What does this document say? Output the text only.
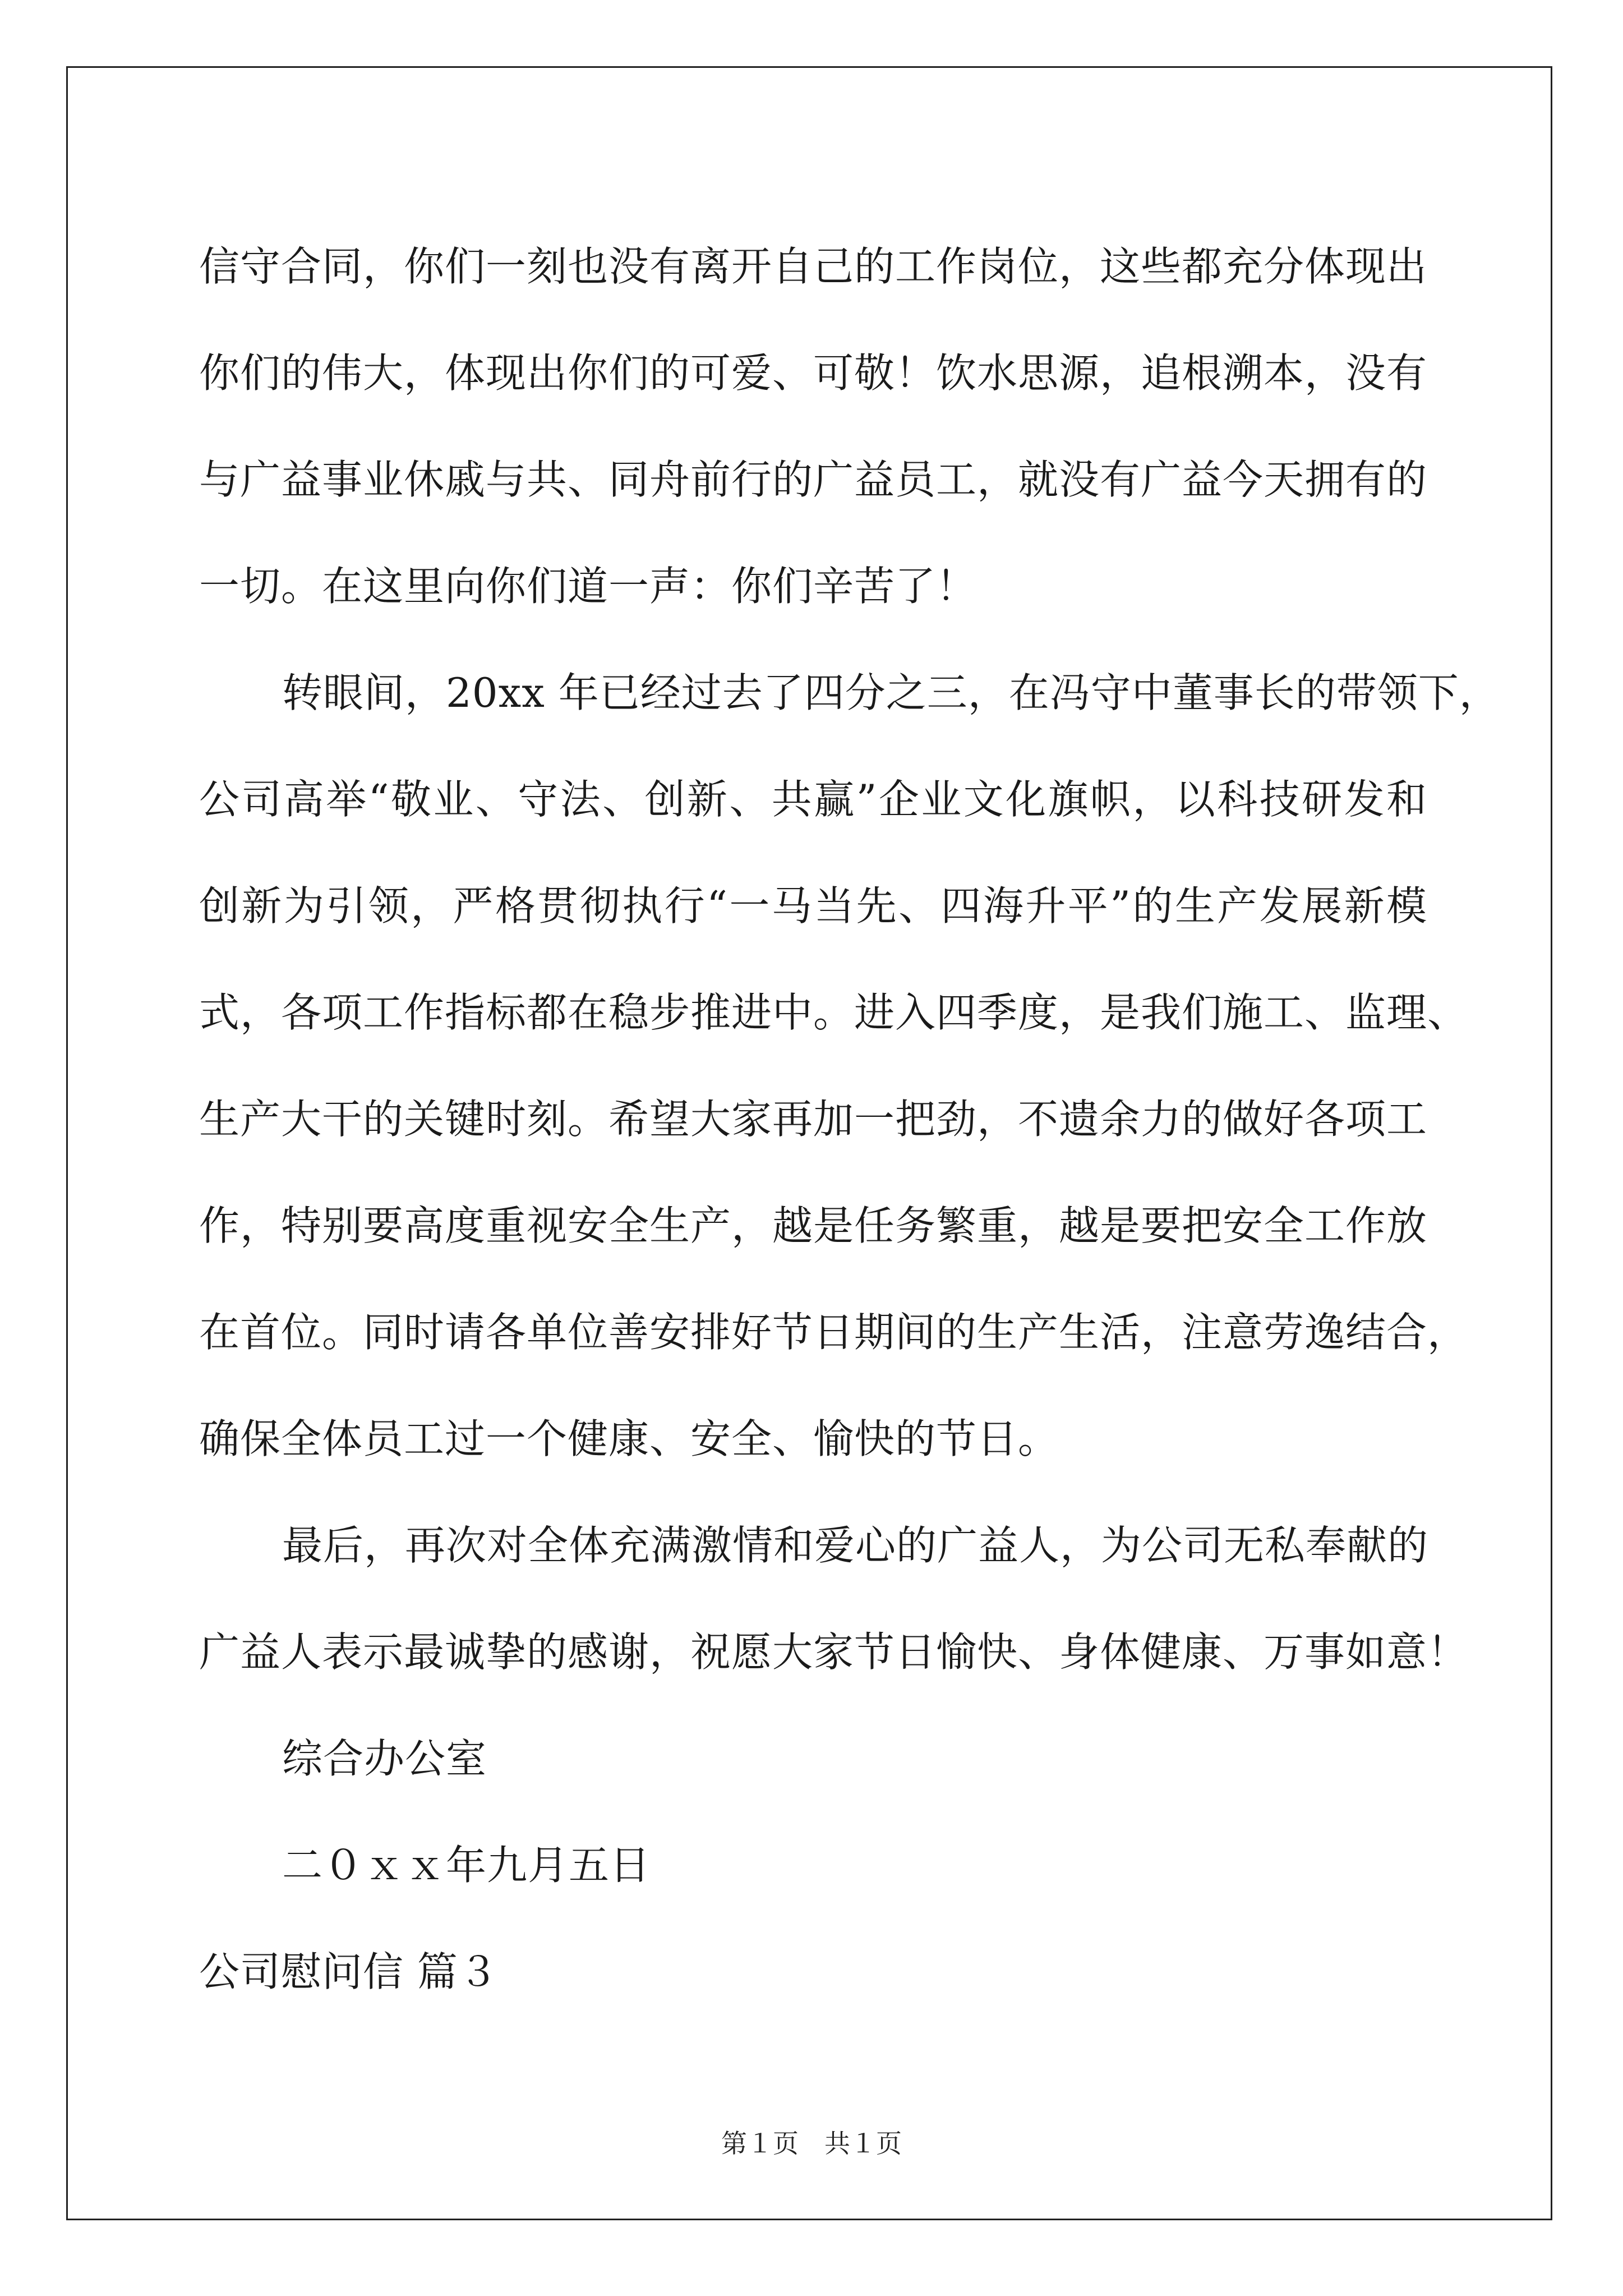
信守合同，你们一刻也没有离开自己的工作岗位，这些都充分体现出
你们的伟大，体现出你们的可爱、可敬！饮水思源，追根溯本，没有
与广益事业休戚与共、同舟前行的广益员工，就没有广益今天拥有的
一切。在这里向你们道一声：你们辛苦了！
转眼间，20xx 年已经过去了四分之三，在冯守中董事长的带领下，
公司高举“敬业、守法、创新、共赢”企业文化旗帜，以科技研发和
创新为引领，严格贯彻执行“一马当先、四海升平”的生产发展新模
式，各项工作指标都在稳步推进中。进入四季度，是我们施工、监理、
生产大干的关键时刻。希望大家再加一把劲，不遗余力的做好各项工
作，特别要高度重视安全生产，越是任务繁重，越是要把安全工作放
在首位。同时请各单位善安排好节日期间的生产生活，注意劳逸结合，
确保全体员工过一个健康、安全、愉快的节日。
最后，再次对全体充满激情和爱心的广益人，为公司无私奉献的
广益人表示最诚挚的感谢，祝愿大家节日愉快、身体健康、万事如意！
综合办公室
二０ｘｘ年九月五日
公司慰问信 篇３
第１页　共１页
